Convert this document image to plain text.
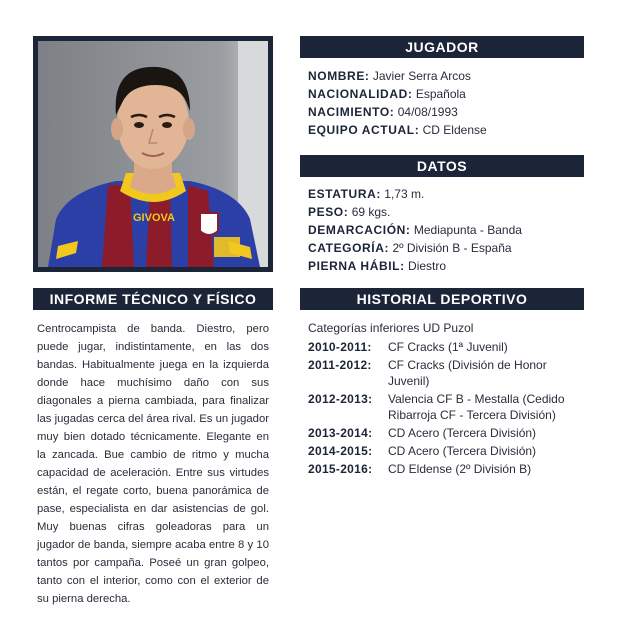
GIVOVA
JUGADOR
NOMBRE: Javier Serra Arcos
NACIONALIDAD: Española
NACIMIENTO: 04/08/1993
EQUIPO ACTUAL: CD Eldense
DATOS
ESTATURA: 1,73 m.
PESO: 69 kgs.
DEMARCACIÓN: Mediapunta - Banda
CATEGORÍA: 2º División B - España
PIERNA HÁBIL: Diestro
INFORME TÉCNICO Y FÍSICO
Centrocampista de banda. Diestro, pero puede jugar, indistintamente, en las dos bandas. Habitualmente juega en la izquierda donde hace muchísimo daño con sus diagonales a pierna cambiada, para finalizar las jugadas cerca del área rival. Es un jugador muy bien dotado técnicamente. Elegante en la zancada. Bue cambio de ritmo y mucha capacidad de aceleración. Entre sus virtudes están, el regate corto, buena panorámica de pase, especialista en dar asistencias de gol. Muy buenas cifras goleadoras para un jugador de banda, siempre acaba entre 8 y 10 tantos por campaña. Poseé un gran golpeo, tanto con el interior, como con el exterior de su pierna derecha.
HISTORIAL DEPORTIVO
Categorías inferiores UD Puzol
2010-2011:	CF Cracks (1ª Juvenil)
2011-2012:	CF Cracks (División de Honor Juvenil)
2012-2013:	Valencia CF B - Mestalla (Cedido Ribarroja CF - Tercera División)
2013-2014:	CD Acero (Tercera División)
2014-2015:	CD Acero (Tercera División)
2015-2016:	CD Eldense (2º División B)
